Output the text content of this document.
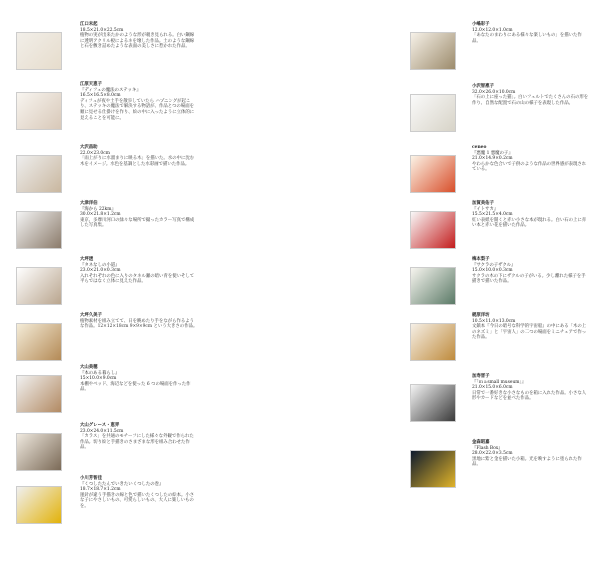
江口未起
18.5×21.0×22.5cm
植物の実が出来たかのような形が覗き見られる。白い鋼線に透明アクリル板によるネを壊した作品。土のような鋼線と石を敷き詰めたような表面の美しさに惹かれた作品。
江原天恵子
『ディフュの魔法のステッキ』
16.5×16.5×8.0cm
ディフュが夜や土手を散歩していたら ハプニングが起こり、ステッキの魔法で解決する物語が、作品とつの場面を順に見せる仕掛けを作り、絵の中に入ったように立体的に見えることを可能に。
大沢昌助
22.0×23.0cm
「雨上がりに水溜まりに映る木」を描いた。水の中に沈む木をイメージ。水色を基調とした水彩画で描いた作品。
大津洋伯
『海から 22km』
30.0×21.8×1.2cm
東京、多摩川河口の緑々な場所で撮ったカラー写真で構成した写真集。
大坪透
『タネなしの小道』
23.0×21.0×0.3cm
入れそれぞれの色に入りのタネル瀬の暗い青を使いそして平らではなく立体に見えた作品。
大坪久美子
植物素材を組み立てて、日を眺めたり手をながら作るような作品。12×12×18cm 9×9×9cm という大きさの作品。
大山美穂
『本のある暮らし』
15×10.0×9.0cm
本棚やベッド、海辺などを使った 6 つの場面を作った作品。
大山グレース・恵弄
23.0×24.0×11.5cm
「カラス」を共通のモチーフにした様々な外観で作られた作品。切り絵と手描きのさまざまな形を組み合わせた作品。
小川芳智佳
『くつしたたんでいきたいくつしたの巻』
18.7×18.7×1.2cm
運針が違う手描きの線と色で描いたくつしたの絵本。小さな子にやさしいもの、可愛らしいもの、大人に楽しいものを。
小嶋彩子
12.0×12.0×1.0cm
「あなたのまわりにある様々な楽しいもの」を描いた作品。
小沢智惠子
32.0×26.0×10.0cm
「石の上に座った猫」。白いフェルトでたくさんの石の形を作り、自然な配置で石の山の様子を表現した作品。
ceneo
『悪魔 1 悪魔の子』
21.0×14.9×0.2cm
やわらかな色合いで子供のような作品の世界感が表現されている。
加賀美佑子
『イトサカ』
15.5×21.5×4.0cm
紅い表紙を開くと赤い小さな本が現れる。白い石の上に赤い本と赤い花を描いた作品。
梅本梨子
『サクラの子ザクル』
15.0×10.0×0.3cm
サクラの木の下にザクルの子がいる。少し離れた様子を手描きで描いた作品。
梶原洋坊
10.5×11.0×13.0cm
文鎮本『今日の暗号な科学的宇宙船』の中にある「木の上のネズミ」と「宇宙人」の二つの場面をミニチュアで作った作品。
加寿晋子
『「ｍａsmall museum」』
21.0×15.0×6.0cm
日常で一番好きな小さなものを箱に入れた作品。小さな人形やカードなどを並べた作品。
金森昭嘉
『Flash Box』
28.0×22.0×3.5cm
黒地に紫と金を描いた小箱。光を映すように塗られた作品。
